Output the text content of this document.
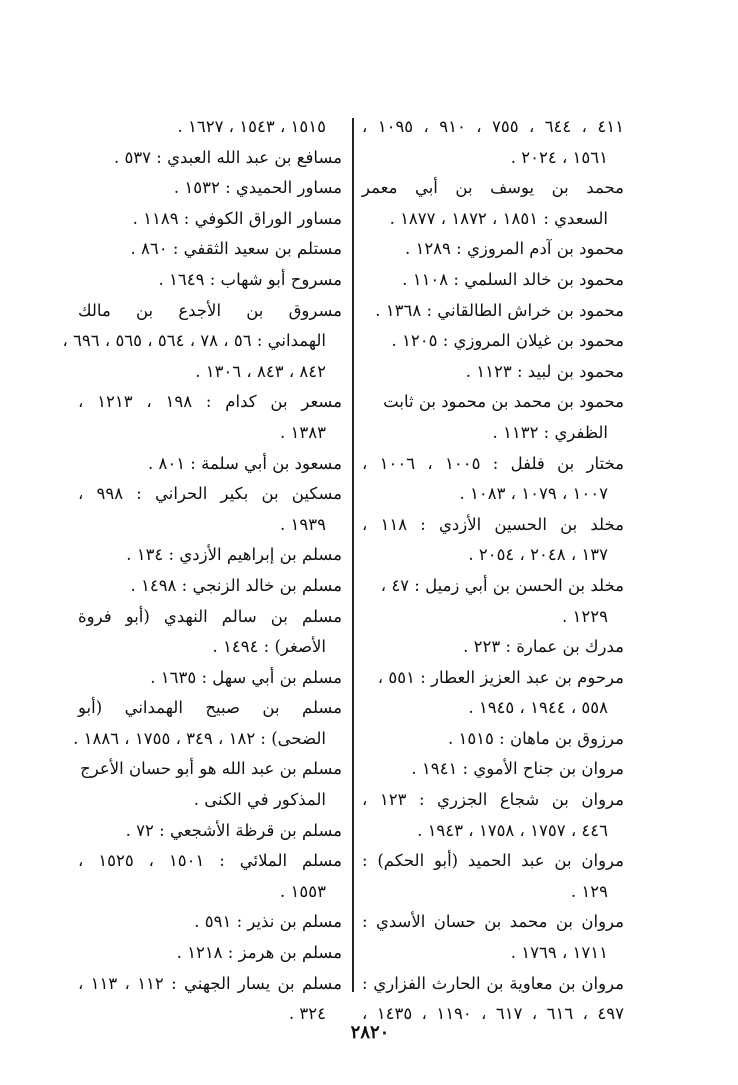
٤١١ ، ٦٤٤ ، ٧٥٥ ، ٩١٠ ، ١٠٩٥ ،
١٥٦١ ، ٢٠٢٤ .
محمد بن يوسف بن أبي معمر
السعدي : ١٨٥١ ، ١٨٧٢ ، ١٨٧٧ .
محمود بن آدم المروزي : ١٢٨٩ .
محمود بن خالد السلمي : ١١٠٨ .
محمود بن خراش الطالقاني : ١٣٦٨ .
محمود بن غيلان المروزي : ١٢٠٥ .
محمود بن لبيد : ١١٢٣ .
محمود بن محمد بن محمود بن ثابت
الظفري : ١١٣٢ .
مختار بن فلفل : ١٠٠٥ ، ١٠٠٦ ،
١٠٠٧ ، ١٠٧٩ ، ١٠٨٣ .
مخلد بن الحسين الأزدي : ١١٨ ،
١٣٧ ، ٢٠٤٨ ، ٢٠٥٤ .
مخلد بن الحسن بن أبي زميل : ٤٧ ،
١٢٢٩ .
مدرك بن عمارة : ٢٢٣ .
مرحوم بن عبد العزيز العطار : ٥٥١ ،
٥٥٨ ، ١٩٤٤ ، ١٩٤٥ .
مرزوق بن ماهان : ١٥١٥ .
مروان بن جناح الأموي : ١٩٤١ .
مروان بن شجاع الجزري : ١٢٣ ،
٤٤٦ ، ١٧٥٧ ، ١٧٥٨ ، ١٩٤٣ .
مروان بن عبد الحميد (أبو الحكم) :
١٢٩ .
مروان بن محمد بن حسان الأسدي :
١٧١١ ، ١٧٦٩ .
مروان بن معاوية بن الحارث الفزاري :
٤٩٧ ، ٦١٦ ، ٦١٧ ، ١١٩٠ ، ١٤٣٥ ،
١٥١٥ ، ١٥٤٣ ، ١٦٢٧ .
مسافع بن عبد الله العبدي : ٥٣٧ .
مساور الحميدي : ١٥٣٢ .
مساور الوراق الكوفي : ١١٨٩ .
مستلم بن سعيد الثقفي : ٨٦٠ .
مسروح أبو شهاب : ١٦٤٩ .
مسروق بن الأجدع بن مالك
الهمداني : ٥٦ ، ٧٨ ، ٥٦٤ ، ٥٦٥ ، ٦٩٦ ،
٨٤٢ ، ٨٤٣ ، ١٣٠٦ .
مسعر بن كدام : ١٩٨ ، ١٢١٣ ،
١٣٨٣ .
مسعود بن أبي سلمة : ٨٠١ .
مسكين بن بكير الحراني : ٩٩٨ ،
١٩٣٩ .
مسلم بن إبراهيم الأزدي : ١٣٤ .
مسلم بن خالد الزنجي : ١٤٩٨ .
مسلم بن سالم النهدي (أبو فروة
الأصغر) : ١٤٩٤ .
مسلم بن أبي سهل : ١٦٣٥ .
مسلم بن صبيح الهمداني (أبو
الضحى) : ١٨٢ ، ٣٤٩ ، ١٧٥٥ ، ١٨٨٦ .
مسلم بن عبد الله هو أبو حسان الأعرج
المذكور في الكنى .
مسلم بن قرظة الأشجعي : ٧٢ .
مسلم الملائي : ١٥٠١ ، ١٥٢٥ ،
١٥٥٣ .
مسلم بن نذير : ٥٩١ .
مسلم بن هرمز : ١٢١٨ .
مسلم بن يسار الجهني : ١١٢ ، ١١٣ ،
٣٢٤ .
٢٨٢٠
